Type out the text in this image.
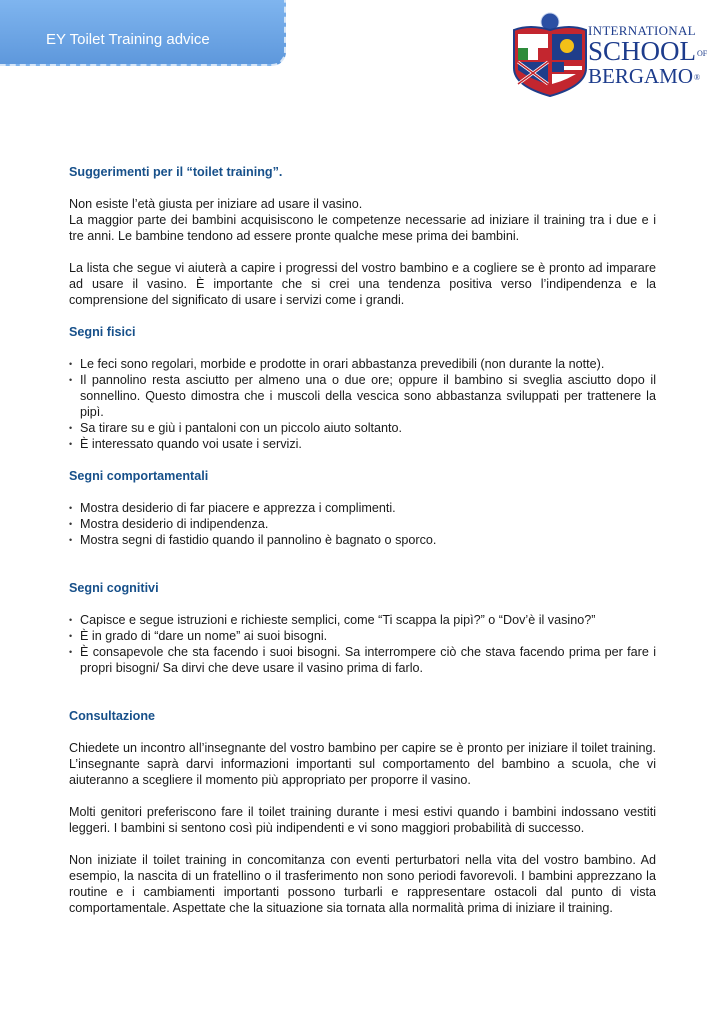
EY Toilet Training advice
INTERNATIONAL
SCHOOLOF
BERGAMO®

Suggerimenti per il “toilet training”.

Non esiste l’età giusta per iniziare ad usare il vasino.

La maggior parte dei bambini acquisiscono le competenze necessarie ad iniziare il training tra i due e i tre anni. Le bambine tendono ad essere pronte qualche mese prima dei bambini.

La lista che segue vi aiuterà a capire i progressi del vostro bambino e a cogliere se è pronto ad imparare ad usare il vasino. È importante che si crei una tendenza positiva verso l’indipendenza e la comprensione del significato di usare i servizi come i grandi.

Segni fisici

• Le feci sono regolari, morbide e prodotte in orari abbastanza prevedibili (non durante la notte).
• Il pannolino resta asciutto per almeno una o due ore; oppure il bambino si sveglia asciutto dopo il sonnellino. Questo dimostra che i muscoli della vescica sono abbastanza sviluppati per trattenere la pipì.
• Sa tirare su e giù i pantaloni con un piccolo aiuto soltanto.
• È interessato quando voi usate i servizi.

Segni comportamentali

• Mostra desiderio di far piacere e apprezza i complimenti.
• Mostra desiderio di indipendenza.
• Mostra segni di fastidio quando il pannolino è bagnato o sporco.

Segni cognitivi

• Capisce e segue istruzioni e richieste semplici, come “Ti scappa la pipì?” o “Dov’è il vasino?”
• È in grado di “dare un nome” ai suoi bisogni.
• È consapevole che sta facendo i suoi bisogni. Sa interrompere ciò che stava facendo prima per fare i propri bisogni/ Sa dirvi che deve usare il vasino prima di farlo.

Consultazione

Chiedete un incontro all’insegnante del vostro bambino per capire se è pronto per iniziare il toilet training. L’insegnante saprà darvi informazioni importanti sul comportamento del bambino a scuola, che vi aiuteranno a scegliere il momento più appropriato per proporre il vasino.

Molti genitori preferiscono fare il toilet training durante i mesi estivi quando i bambini indossano vestiti leggeri. I bambini si sentono così più indipendenti e vi sono maggiori probabilità di successo.

Non iniziate il toilet training in concomitanza con eventi perturbatori nella vita del vostro bambino. Ad esempio, la nascita di un fratellino o il trasferimento non sono periodi favorevoli. I bambini apprezzano la routine e i cambiamenti importanti possono turbarli e rappresentare ostacoli dal punto di vista comportamentale. Aspettate che la situazione sia tornata alla normalità prima di iniziare il training.
